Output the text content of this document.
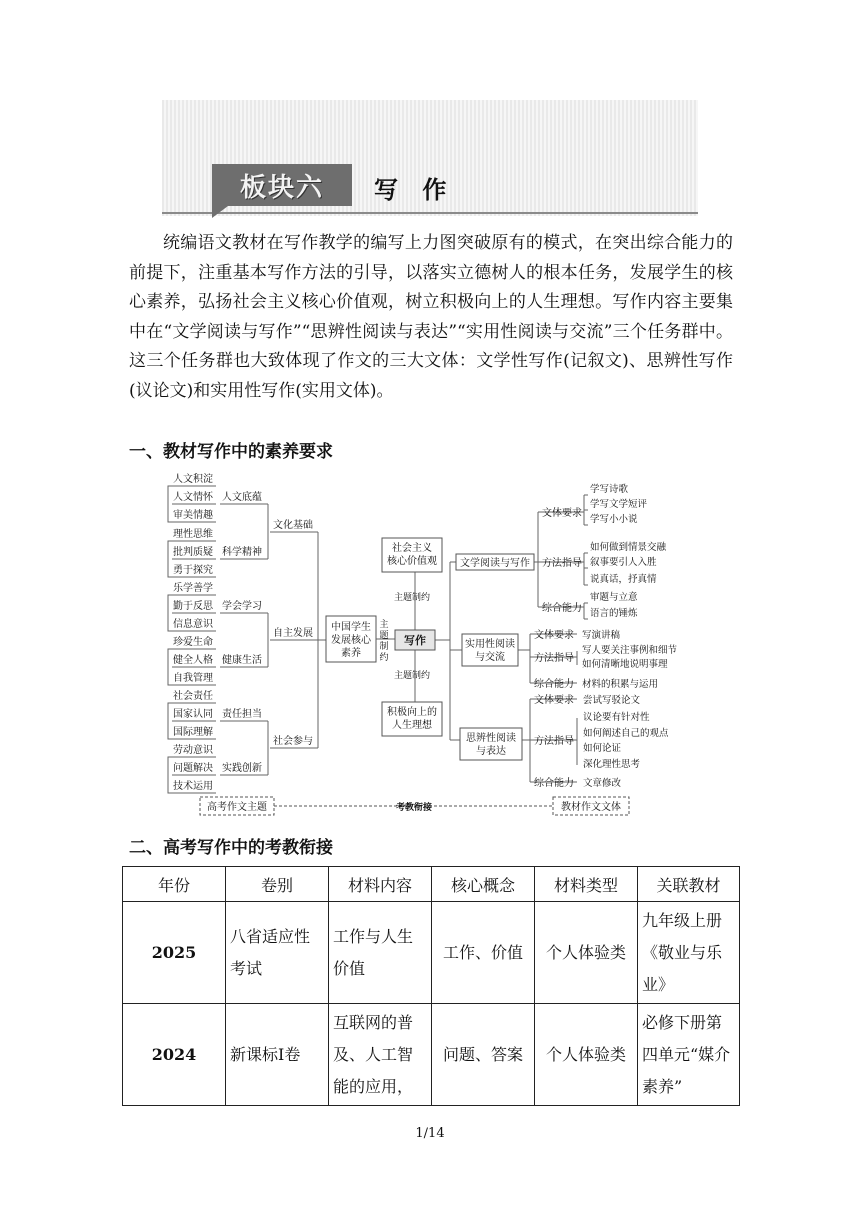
板块六 写 作

统编语文教材在写作教学的编写上力图突破原有的模式，在突出综合能力的前提下，注重基本写作方法的引导，以落实立德树人的根本任务，发展学生的核心素养，弘扬社会主义核心价值观，树立积极向上的人生理想。写作内容主要集中在“文学阅读与写作”“思辨性阅读与表达”“实用性阅读与交流”三个任务群中。这三个任务群也大致体现了作文的三大文体：文学性写作(记叙文)、思辨性写作(议论文)和实用性写作(实用文体)。

一、教材写作中的素养要求
人文积淀
人文情怀
审美情趣
理性思维
批判质疑
勇于探究
乐学善学
勤于反思
信息意识
珍爱生命
健全人格
自我管理
社会责任
国家认同
国际理解
劳动意识
问题解决
技术运用
人文底蕴
科学精神
学会学习
健康生活
责任担当
实践创新
文化基础
自主发展
社会参与
中国学生
发展核心
素养
主
题
制
约
写作
社会主义
核心价值观
积极向上的
人生理想
主题制约
主题制约
文学阅读与写作
文体要求
学写诗歌
学写文学短评
学写小小说
方法指导
如何做到情景交融
叙事要引人入胜
说真话，抒真情
综合能力
审题与立意
语言的锤炼
实用性阅读
与交流
文体要求 写演讲稿
方法指导
写人要关注事例和细节
如何清晰地说明事理
综合能力 材料的积累与运用
思辨性阅读
与表达
文体要求 尝试写驳论文
方法指导
议论要有针对性
如何阐述自己的观点
如何论证
深化理性思考
综合能力 文章修改
高考作文主题	教材作文文体
考教衔接
二、高考写作中的考教衔接
年份	卷别	材料内容	核心概念	材料类型	关联教材
2025	八省适应性考试	工作与人生价值	工作、价值	个人体验类	九年级上册《敬业与乐业》
2024	新课标Ⅰ卷	互联网的普及、人工智能的应用，	问题、答案	个人体验类	必修下册第四单元“媒介素养”
1/14
